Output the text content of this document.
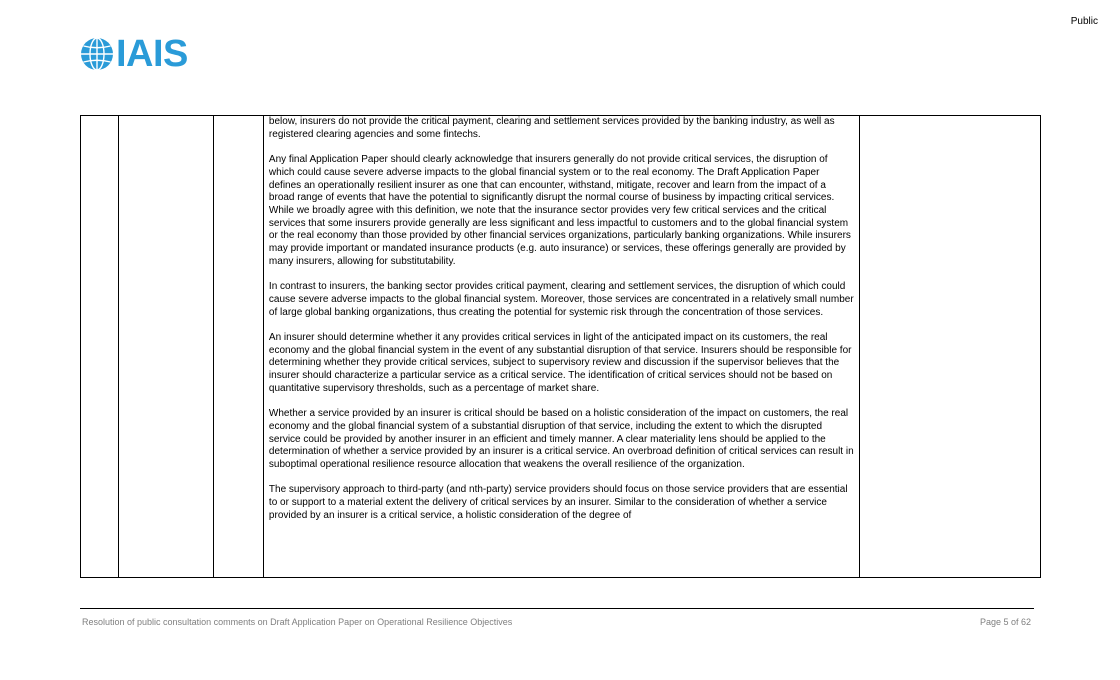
Public
IAIS

below, insurers do not provide the critical payment, clearing and settlement services provided by the banking industry, as well as registered clearing agencies and some fintechs.

Any final Application Paper should clearly acknowledge that insurers generally do not provide critical services, the disruption of which could cause severe adverse impacts to the global financial system or to the real economy. The Draft Application Paper defines an operationally resilient insurer as one that can encounter, withstand, mitigate, recover and learn from the impact of a broad range of events that have the potential to significantly disrupt the normal course of business by impacting critical services. While we broadly agree with this definition, we note that the insurance sector provides very few critical services and the critical services that some insurers provide generally are less significant and less impactful to customers and to the global financial system or the real economy than those provided by other financial services organizations, particularly banking organizations. While insurers may provide important or mandated insurance products (e.g. auto insurance) or services, these offerings generally are provided by many insurers, allowing for substitutability.

In contrast to insurers, the banking sector provides critical payment, clearing and settlement services, the disruption of which could cause severe adverse impacts to the global financial system. Moreover, those services are concentrated in a relatively small number of large global banking organizations, thus creating the potential for systemic risk through the concentration of those services.

An insurer should determine whether it any provides critical services in light of the anticipated impact on its customers, the real economy and the global financial system in the event of any substantial disruption of that service. Insurers should be responsible for determining whether they provide critical services, subject to supervisory review and discussion if the supervisor believes that the insurer should characterize a particular service as a critical service. The identification of critical services should not be based on quantitative supervisory thresholds, such as a percentage of market share.

Whether a service provided by an insurer is critical should be based on a holistic consideration of the impact on customers, the real economy and the global financial system of a substantial disruption of that service, including the extent to which the disrupted service could be provided by another insurer in an efficient and timely manner. A clear materiality lens should be applied to the determination of whether a service provided by an insurer is a critical service. An overbroad definition of critical services can result in suboptimal operational resilience resource allocation that weakens the overall resilience of the organization.

The supervisory approach to third-party (and nth-party) service providers should focus on those service providers that are essential to or support to a material extent the delivery of critical services by an insurer. Similar to the consideration of whether a service provided by an insurer is a critical service, a holistic consideration of the degree of

Resolution of public consultation comments on Draft Application Paper on Operational Resilience Objectives	Page 5 of 62
